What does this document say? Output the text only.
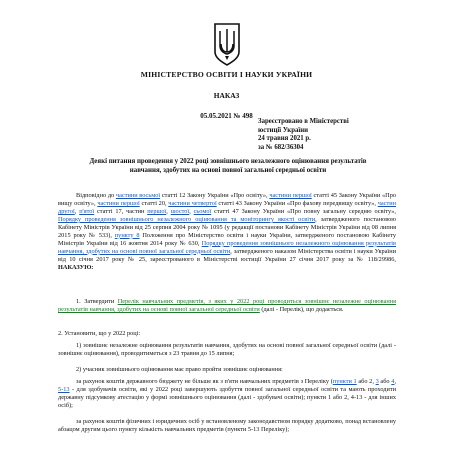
МІНІСТЕРСТВО ОСВІТИ І НАУКИ УКРАЇНИ
НАКАЗ
05.05.2021 № 498
Зареєстровано в Міністерстві
юстиції України
24 травня 2021 р.
за № 682/36304
Деякі питання проведення у 2022 році зовнішнього незалежного оцінювання результатів навчання, здобутих на основі повної загальної середньої освіти

Відповідно до частини восьмої статті 12 Закону України «Про освіту», частини першої статті 45 Закону України «Про вищу освіту», частини першої статті 20, частини четвертої статті 43 Закону України «Про фахову передвищу освіту», частин другої, п'ятої статті 17, частин першої, шостої, сьомої статті 47 Закону України «Про повну загальну середню освіту», Порядку проведення зовнішнього незалежного оцінювання та моніторингу якості освіти, затвердженого постановою Кабінету Міністрів України від 25 серпня 2004 року № 1095 (у редакції постанови Кабінету Міністрів України від 08 липня 2015 року № 533), пункту 8 Положення про Міністерство освіти і науки України, затвердженого постановою Кабінету Міністрів України від 16 жовтня 2014 року № 630, Порядку проведення зовнішнього незалежного оцінювання результатів навчання, здобутих на основі повної загальної середньої освіти, затвердженого наказом Міністерства освіти і науки України від 10 січня 2017 року № 25, зареєстрованого в Міністерстві юстиції України 27 січня 2017 року за № 118/29986, НАКАЗУЮ:

1. Затвердити Перелік навчальних предметів, з яких у 2022 році проводиться зовнішнє незалежне оцінювання результатів навчання, здобутих на основі повної загальної середньої освіти (далі - Перелік), що додається.

2. Установити, що у 2022 році:

1) зовнішнє незалежне оцінювання результатів навчання, здобутих на основі повної загальної середньої освіти (далі - зовнішнє оцінювання), проводитиметься з 23 травня до 15 липня;

2) учасник зовнішнього оцінювання має право пройти зовнішнє оцінювання:

за рахунок коштів державного бюджету не більше як з п'яти навчальних предметів з Переліку (пункти 1 або 2, 3 або 4, 5-13 - для здобувачів освіти, які у 2022 році завершують здобуття повної загальної середньої освіти та мають проходити державну підсумкову атестацію у формі зовнішнього оцінювання (далі - здобувачі освіти); пункти 1 або 2, 4-13 - для інших осіб);

за рахунок коштів фізичних і юридичних осіб у встановленому законодавством порядку додатково, понад встановлену абзацом другим цього пункту кількість навчальних предметів (пункти 5-13 Переліку);
